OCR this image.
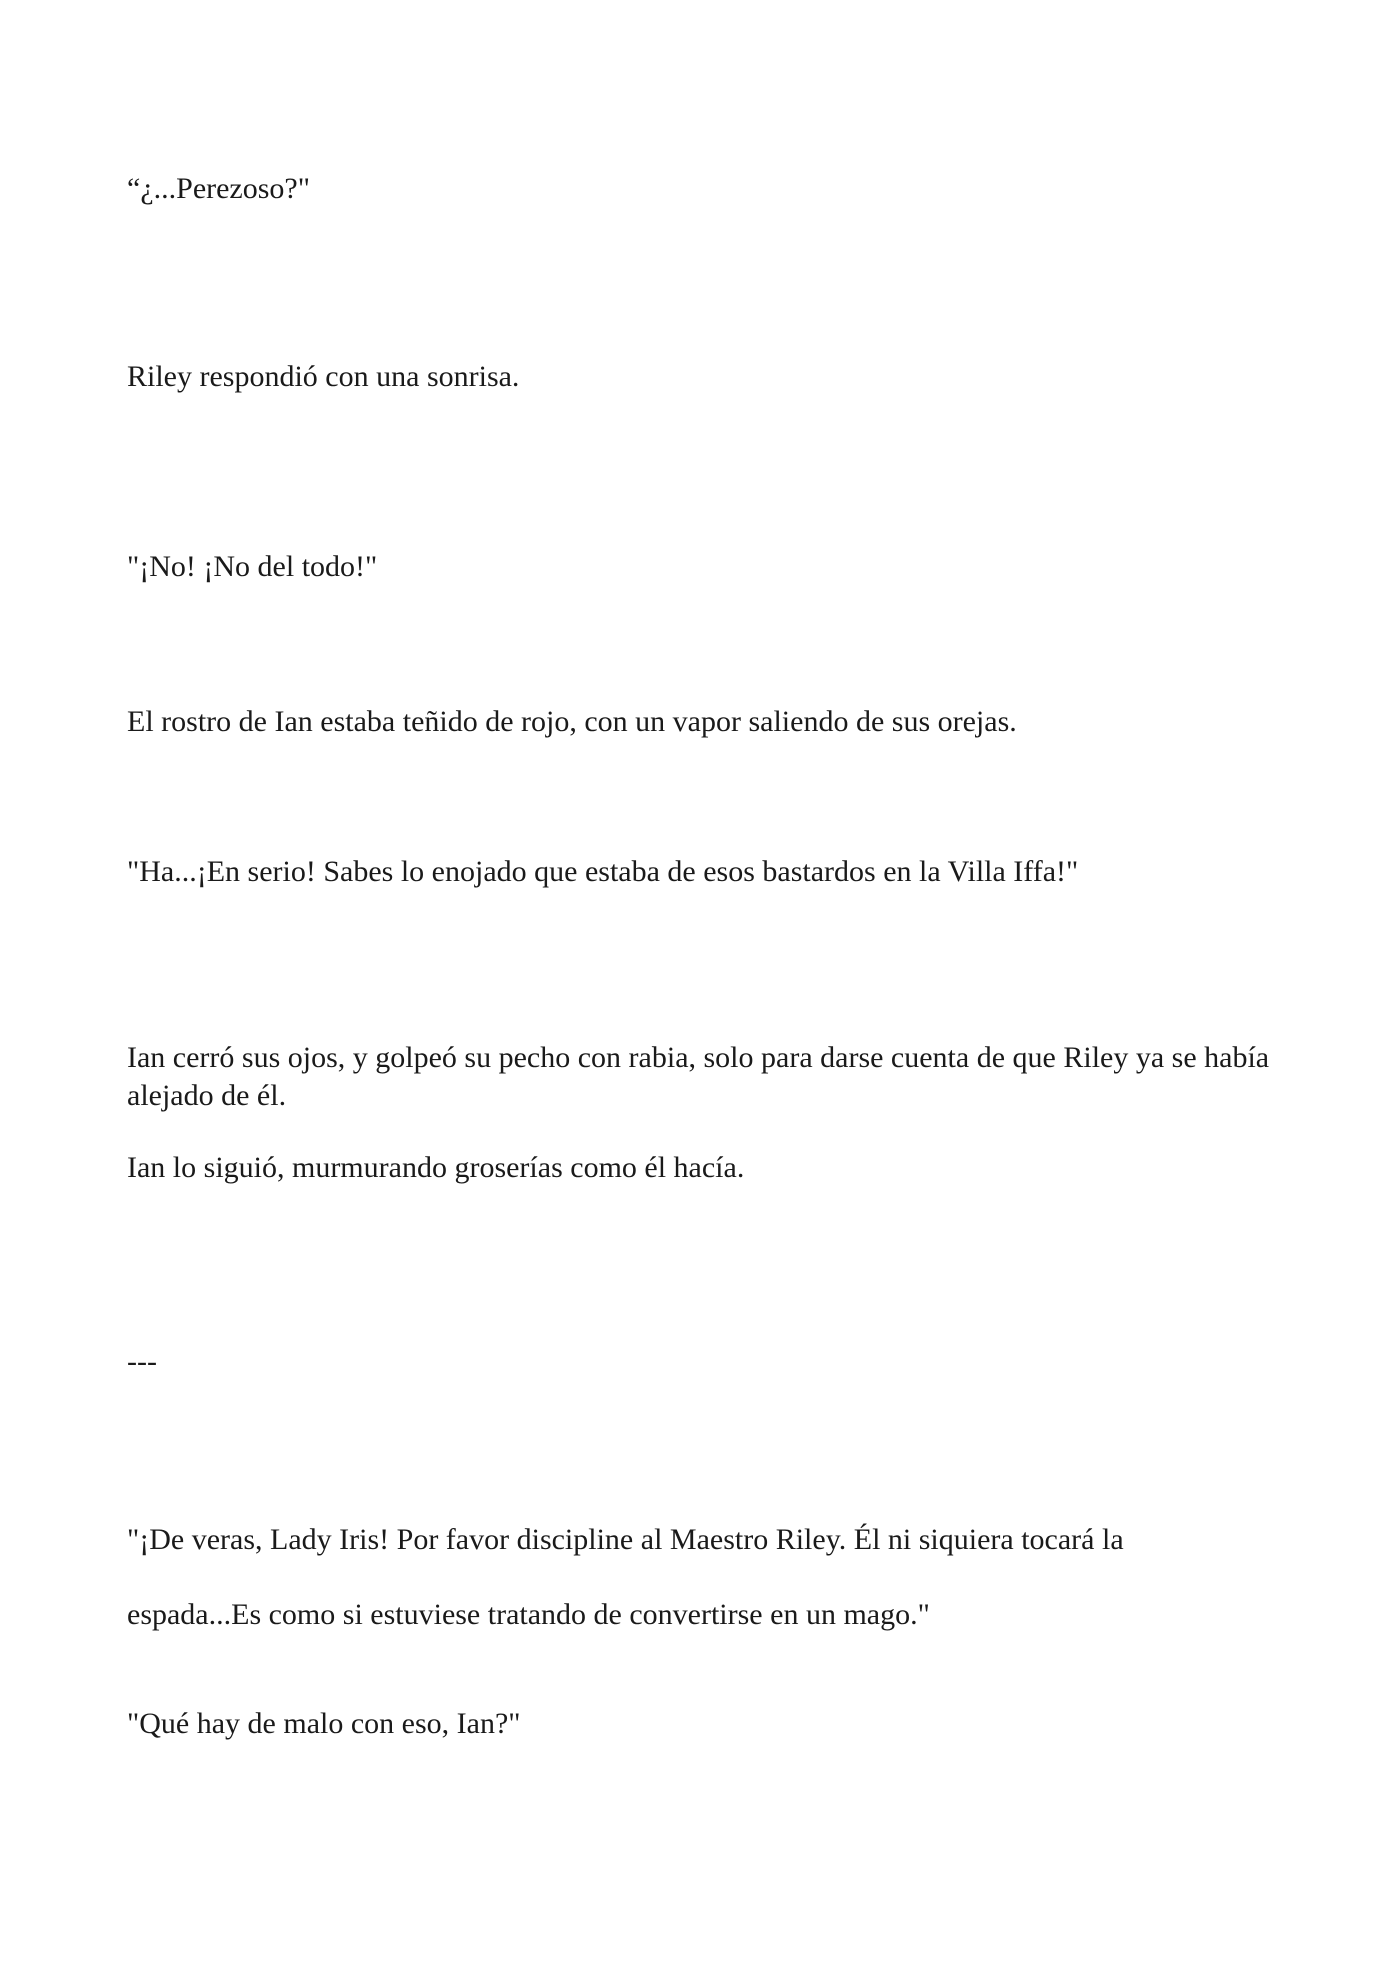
“¿...Perezoso?"

Riley respondió con una sonrisa.

"¡No! ¡No del todo!"

El rostro de Ian estaba teñido de rojo, con un vapor saliendo de sus orejas.

"Ha...¡En serio! Sabes lo enojado que estaba de esos bastardos en la Villa Iffa!"

Ian cerró sus ojos, y golpeó su pecho con rabia, solo para darse cuenta de que Riley ya se había alejado de él.

Ian lo siguió, murmurando groserías como él hacía.

---

"¡De veras, Lady Iris! Por favor discipline al Maestro Riley. Él ni siquiera tocará la

espada...Es como si estuviese tratando de convertirse en un mago."

"Qué hay de malo con eso, Ian?"
